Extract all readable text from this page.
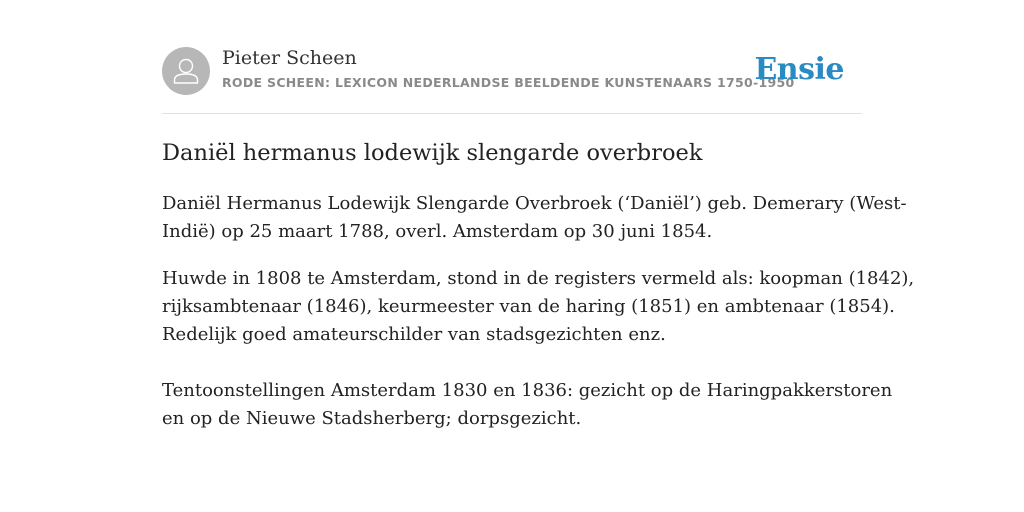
Pieter Scheen
RODE SCHEEN: LEXICON NEDERLANDSE BEELDENDE KUNSTENAARS 1750-1950
Ensie
Daniël hermanus lodewijk slengarde overbroek

Daniël Hermanus Lodewijk Slengarde Overbroek (‘Daniël’) geb. Demerary (West-
Indië) op 25 maart 1788, overl. Amsterdam op 30 juni 1854.

Huwde in 1808 te Amsterdam, stond in de registers vermeld als: koopman (1842),
rijksambtenaar (1846), keurmeester van de haring (1851) en ambtenaar (1854).
Redelijk goed amateurschilder van stadsgezichten enz.

Tentoonstellingen Amsterdam 1830 en 1836: gezicht op de Haringpakkerstoren
en op de Nieuwe Stadsherberg; dorpsgezicht.
